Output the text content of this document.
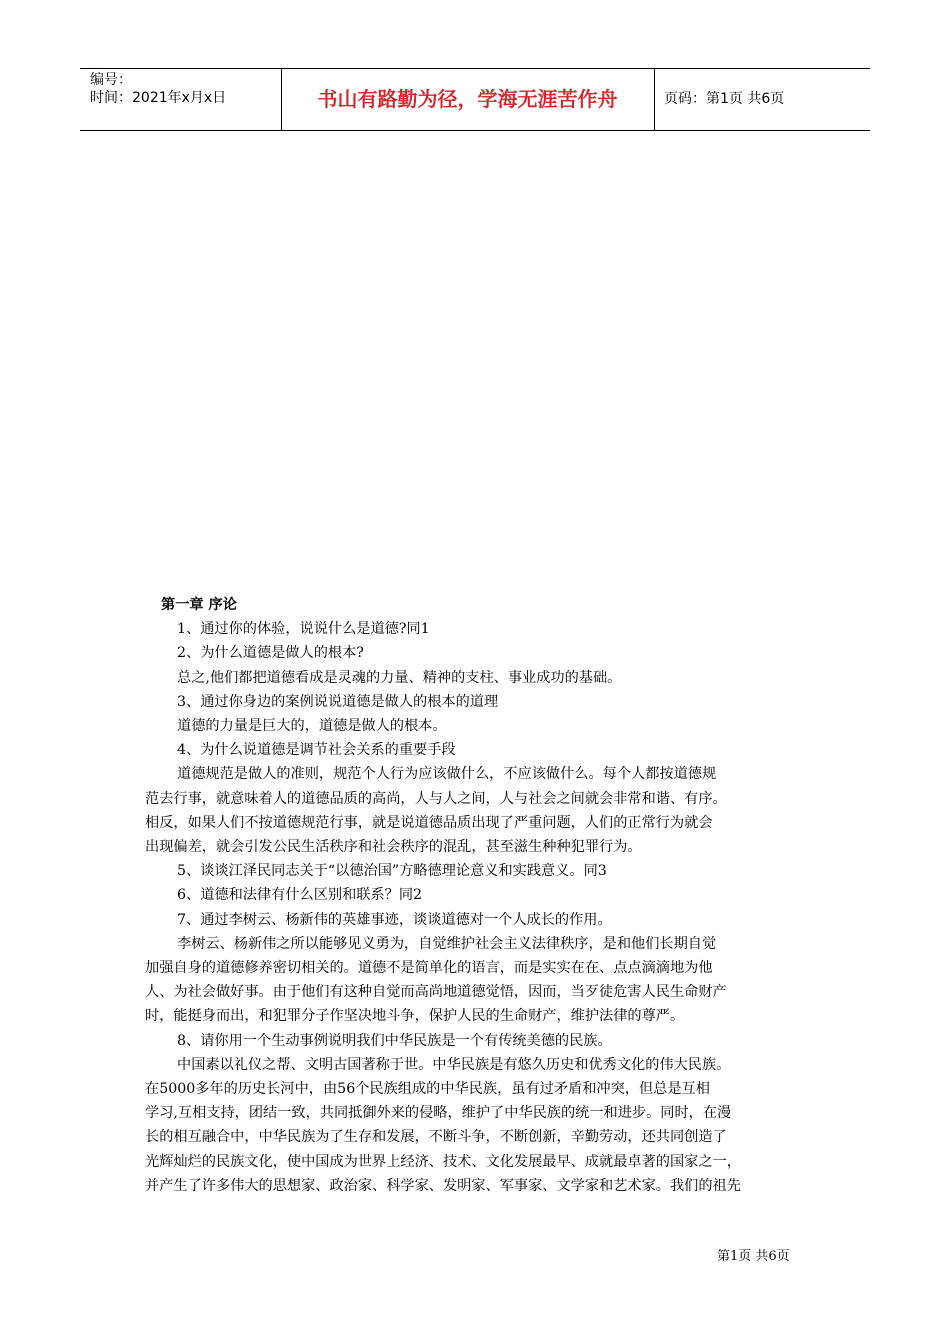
编号：
时间：2021年x月x日	书山有路勤为径，学海无涯苦作舟	页码：第1页 共6页

第一章 序论

1、通过你的体验，说说什么是道德?同1

2、为什么道德是做人的根本?

总之,他们都把道德看成是灵魂的力量、精神的支柱、事业成功的基础。

3、通过你身边的案例说说道德是做人的根本的道理

道德的力量是巨大的，道德是做人的根本。

4、为什么说道德是调节社会关系的重要手段

道德规范是做人的准则，规范个人行为应该做什么，不应该做什么。每个人都按道德规

范去行事，就意味着人的道德品质的高尚，人与人之间，人与社会之间就会非常和谐、有序。

相反，如果人们不按道德规范行事，就是说道德品质出现了严重问题，人们的正常行为就会

出现偏差，就会引发公民生活秩序和社会秩序的混乱，甚至滋生种种犯罪行为。

5、谈谈江泽民同志关于“以德治国”方略德理论意义和实践意义。同3

6、道德和法律有什么区别和联系？同2

7、通过李树云、杨新伟的英雄事迹，谈谈道德对一个人成长的作用。

李树云、杨新伟之所以能够见义勇为，自觉维护社会主义法律秩序，是和他们长期自觉

加强自身的道德修养密切相关的。道德不是简单化的语言，而是实实在在、点点滴滴地为他

人、为社会做好事。由于他们有这种自觉而高尚地道德觉悟，因而，当歹徒危害人民生命财产

时，能挺身而出，和犯罪分子作坚决地斗争，保护人民的生命财产，维护法律的尊严。

8、请你用一个生动事例说明我们中华民族是一个有传统美德的民族。

中国素以礼仪之帮、文明古国著称于世。中华民族是有悠久历史和优秀文化的伟大民族。

在5000多年的历史长河中，由56个民族组成的中华民族，虽有过矛盾和冲突，但总是互相

学习,互相支持，团结一致，共同抵御外来的侵略，维护了中华民族的统一和进步。同时，在漫

长的相互融合中，中华民族为了生存和发展，不断斗争，不断创新，辛勤劳动，还共同创造了

光辉灿烂的民族文化，使中国成为世界上经济、技术、文化发展最早、成就最卓著的国家之一，

并产生了许多伟大的思想家、政治家、科学家、发明家、军事家、文学家和艺术家。我们的祖先

第1页 共6页
